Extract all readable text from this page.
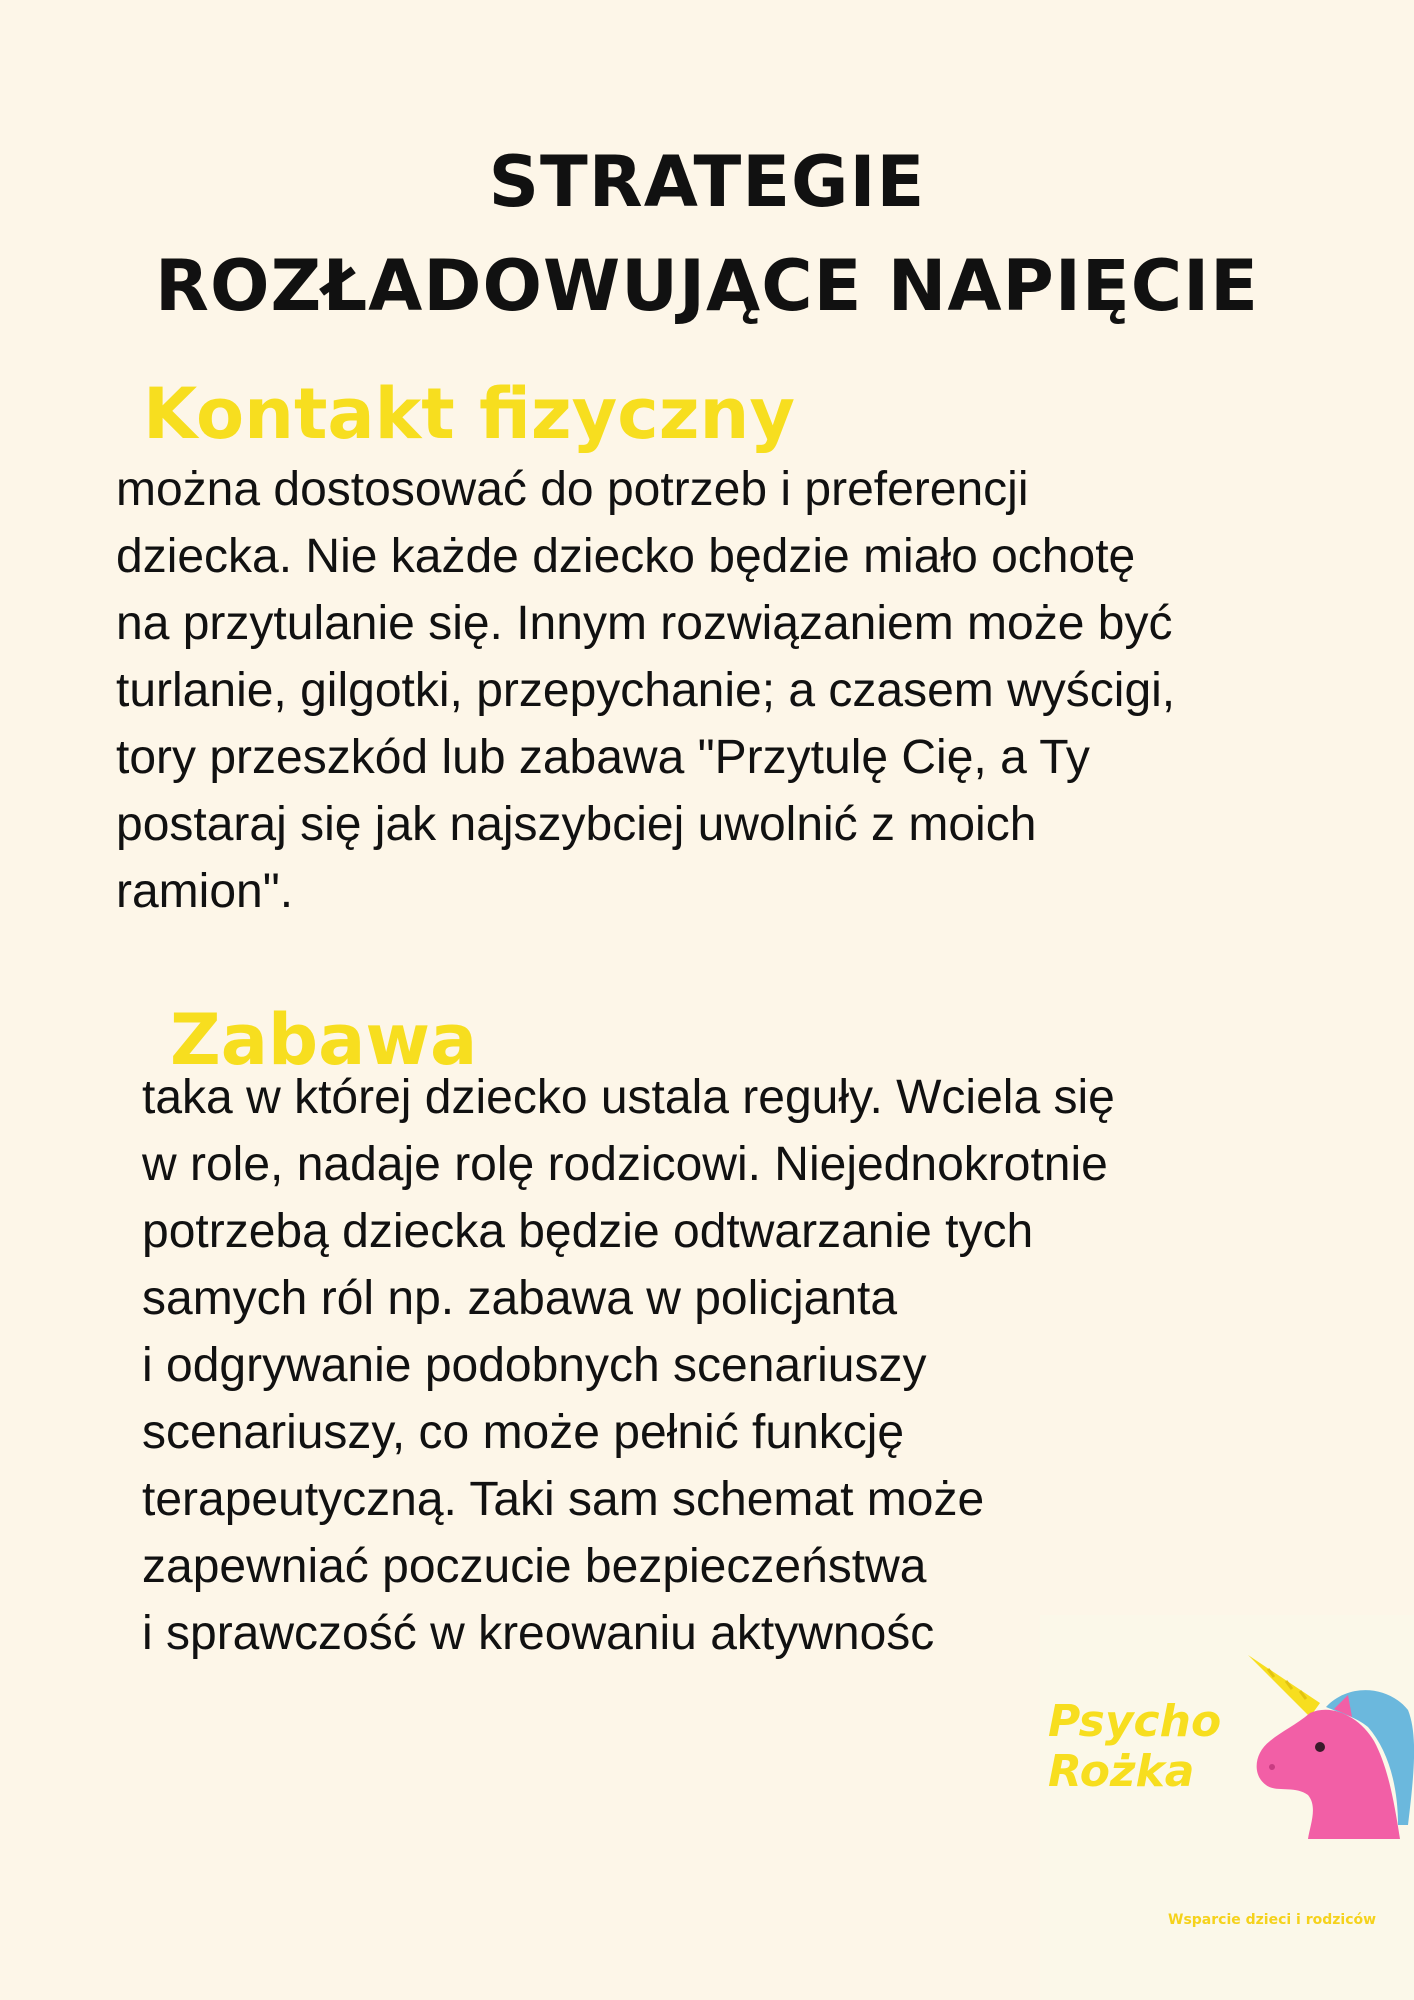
STRATEGIE
ROZŁADOWUJĄCE NAPIĘCIE
Kontakt fizyczny
można dostosować do potrzeb i preferencji
dziecka. Nie każde dziecko będzie miało ochotę
na przytulanie się. Innym rozwiązaniem może być
turlanie, gilgotki, przepychanie; a czasem wyścigi,
tory przeszkód lub zabawa "Przytulę Cię, a Ty
postaraj się jak najszybciej uwolnić z moich
ramion".
Zabawa
taka w której dziecko ustala reguły. Wciela się
w role, nadaje rolę rodzicowi. Niejednokrotnie
potrzebą dziecka będzie odtwarzanie tych
samych ról np. zabawa w policjanta
i odgrywanie podobnych scenariuszy
scenariuszy, co może pełnić funkcję
terapeutyczną. Taki sam schemat może
zapewniać poczucie bezpieczeństwa
i sprawczość w kreowaniu aktywnośc
Psycho
Rożka
Wsparcie dzieci i rodziców
